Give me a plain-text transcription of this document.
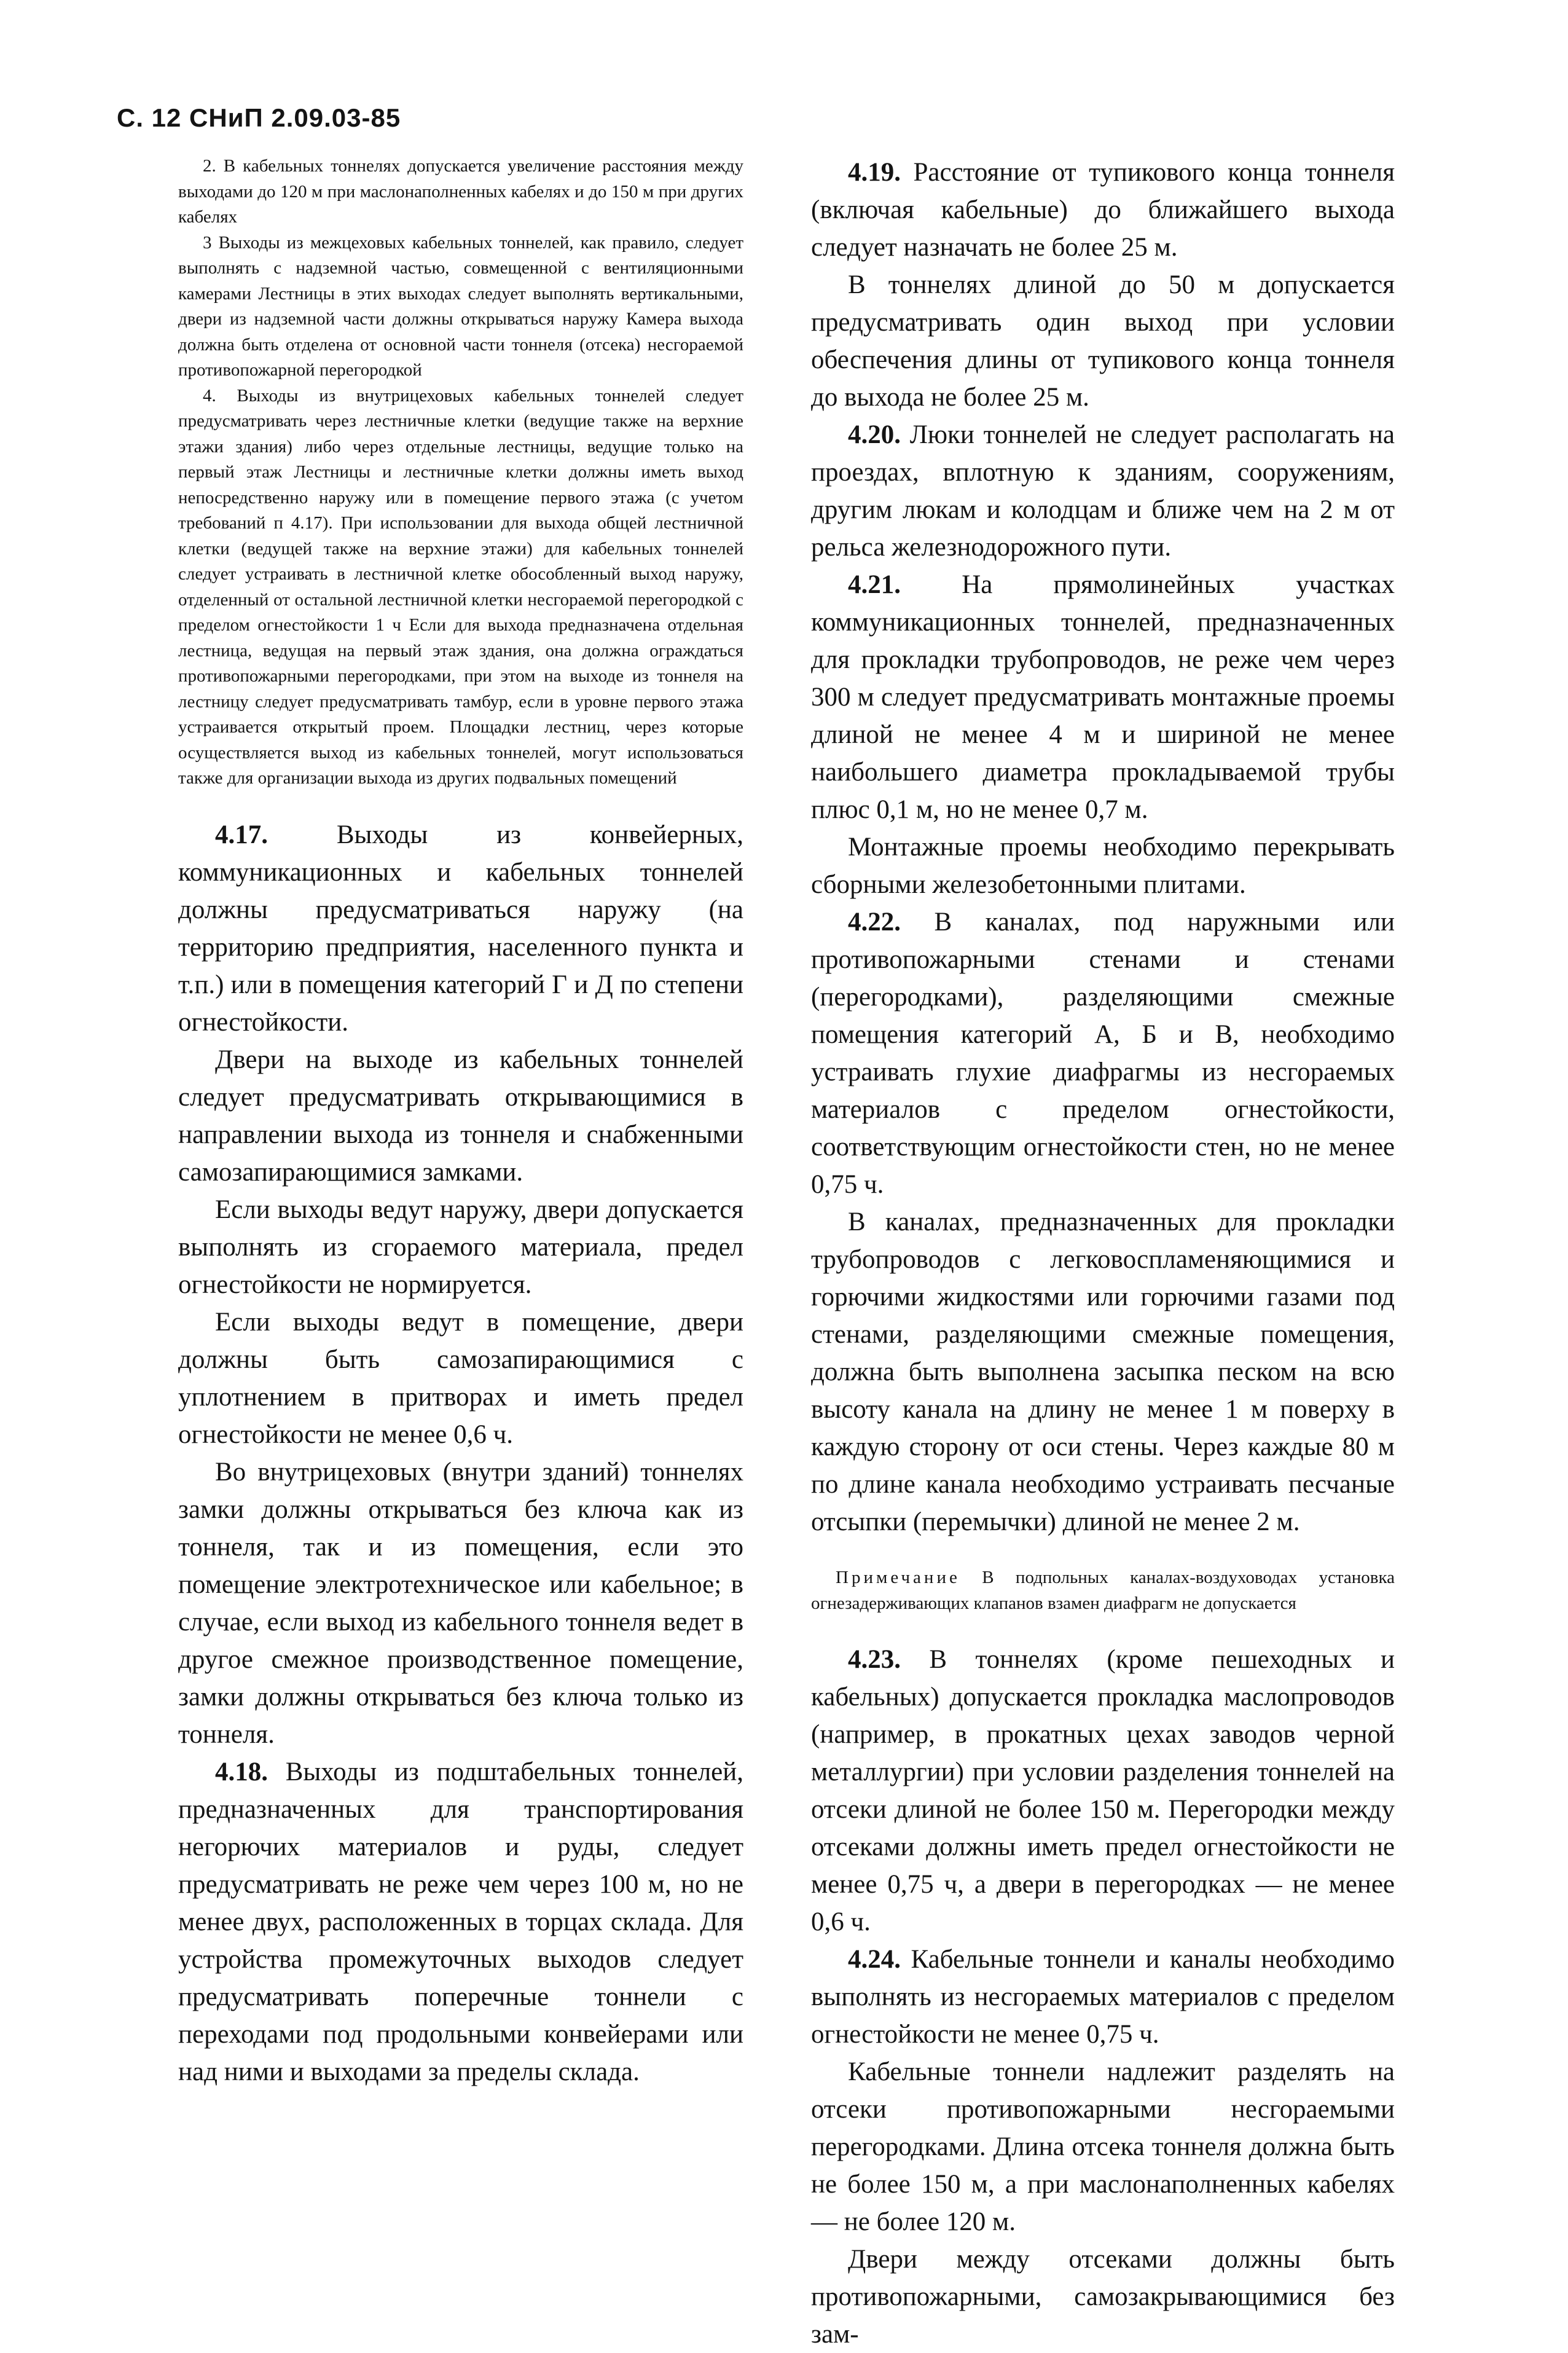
С. 12 СНиП 2.09.03-85

2. В кабельных тоннелях допускается увеличение расстояния между выходами до 120 м при маслонаполненных кабелях и до 150 м при других кабелях

3 Выходы из межцеховых кабельных тоннелей, как правило, следует выполнять с надземной частью, совмещенной с вентиляционными камерами Лестницы в этих выходах следует выполнять вертикальными, двери из надземной части должны открываться наружу Камера выхода должна быть отделена от основной части тоннеля (отсека) несгораемой противопожарной перегородкой

4. Выходы из внутрицеховых кабельных тоннелей следует предусматривать через лестничные клетки (ведущие также на верхние этажи здания) либо через отдельные лестницы, ведущие только на первый этаж Лестницы и лестничные клетки должны иметь выход непосредственно наружу или в помещение первого этажа (с учетом требований п 4.17). При использовании для выхода общей лестничной клетки (ведущей также на верхние этажи) для кабельных тоннелей следует устраивать в лестничной клетке обособленный выход наружу, отделенный от остальной лестничной клетки несгораемой перегородкой с пределом огнестойкости 1 ч Если для выхода предназначена отдельная лестница, ведущая на первый этаж здания, она должна ограждаться противопожарными перегородками, при этом на выходе из тоннеля на лестницу следует предусматривать тамбур, если в уровне первого этажа устраивается открытый проем. Площадки лестниц, через которые осуществляется выход из кабельных тоннелей, могут использоваться также для организации выхода из других подвальных помещений

4.17.	Выходы из конвейерных, коммуникационных и кабельных тоннелей должны предусматриваться наружу (на территорию предприятия, населенного пункта и т.п.) или в помещения категорий Г и Д по степени огнестойкости.

Двери на выходе из кабельных тоннелей следует предусматривать открывающимися в направлении выхода из тоннеля и снабженными самозапирающимися замками.

Если выходы ведут наружу, двери допускается выполнять из сгораемого материала, предел огнестойкости не нормируется.

Если выходы ведут в помещение, двери должны быть самозапирающимися с уплотнением в притворах и иметь предел огнестойкости не менее 0,6 ч.

Во внутрицеховых (внутри зданий) тоннелях замки должны открываться без ключа как из тоннеля, так и из помещения, если это помещение электротехническое или кабельное; в случае, если выход из кабельного тоннеля ведет в другое смежное производственное помещение, замки должны открываться без ключа только из тоннеля.

4.18. Выходы из подштабельных тоннелей, предназначенных для транспортирования негорючих материалов и руды, следует предусматривать не реже чем через 100 м, но не менее двух, расположенных в торцах склада. Для устройства промежуточных выходов следует предусматривать поперечные тоннели с переходами под продольными конвейерами или над ними и выходами за пределы склада.

4.19. Расстояние от тупикового конца тоннеля (включая кабельные) до ближайшего выхода следует назначать не более 25 м.

В тоннелях длиной до 50 м допускается предусматривать один выход при условии обеспечения длины от тупикового конца тоннеля до выхода не более 25 м.

4.20. Люки тоннелей не следует располагать на проездах, вплотную к зданиям, сооружениям, другим люкам и колодцам и ближе чем на 2 м от рельса железнодорожного пути.

4.21. На прямолинейных участках коммуникационных тоннелей, предназначенных для прокладки трубопроводов, не реже чем через 300 м следует предусматривать монтажные проемы длиной не менее 4 м и шириной не менее наибольшего диаметра прокладываемой трубы плюс 0,1 м, но не менее 0,7 м.

Монтажные проемы необходимо перекрывать сборными железобетонными плитами.

4.22. В каналах, под наружными или противопожарными стенами и стенами (перегородками), разделяющими смежные помещения категорий А, Б и В, необходимо устраивать глухие диафрагмы из несгораемых материалов с пределом огнестойкости, соответствующим огнестойкости стен, но не менее 0,75 ч.

В каналах, предназначенных для прокладки трубопроводов с легковоспламеняющимися и горючими жидкостями или горючими газами под стенами, разделяющими смежные помещения, должна быть выполнена засыпка песком на всю высоту канала на длину не менее 1 м поверху в каждую сторону от оси стены. Через каждые 80 м по длине канала необходимо устраивать песчаные отсыпки (перемычки) длиной не менее 2 м.

Примечание В подпольных каналах-воздуховодах установка огнезадерживающих клапанов взамен диафрагм не допускается

4.23. В тоннелях (кроме пешеходных и кабельных) допускается прокладка маслопроводов (например, в прокатных цехах заводов черной металлургии) при условии разделения тоннелей на отсеки длиной не более 150 м. Перегородки между отсеками должны иметь предел огнестойкости не менее 0,75 ч, а двери в перегородках — не менее 0,6 ч.

4.24. Кабельные тоннели и каналы необходимо выполнять из несгораемых материалов с пределом огнестойкости не менее 0,75 ч.

Кабельные тоннели надлежит разделять на отсеки противопожарными несгораемыми перегородками. Длина отсека тоннеля должна быть не более 150 м, а при маслонаполненных кабелях — не более 120 м.

Двери между отсеками должны быть противопожарными, самозакрывающимися без зам-
